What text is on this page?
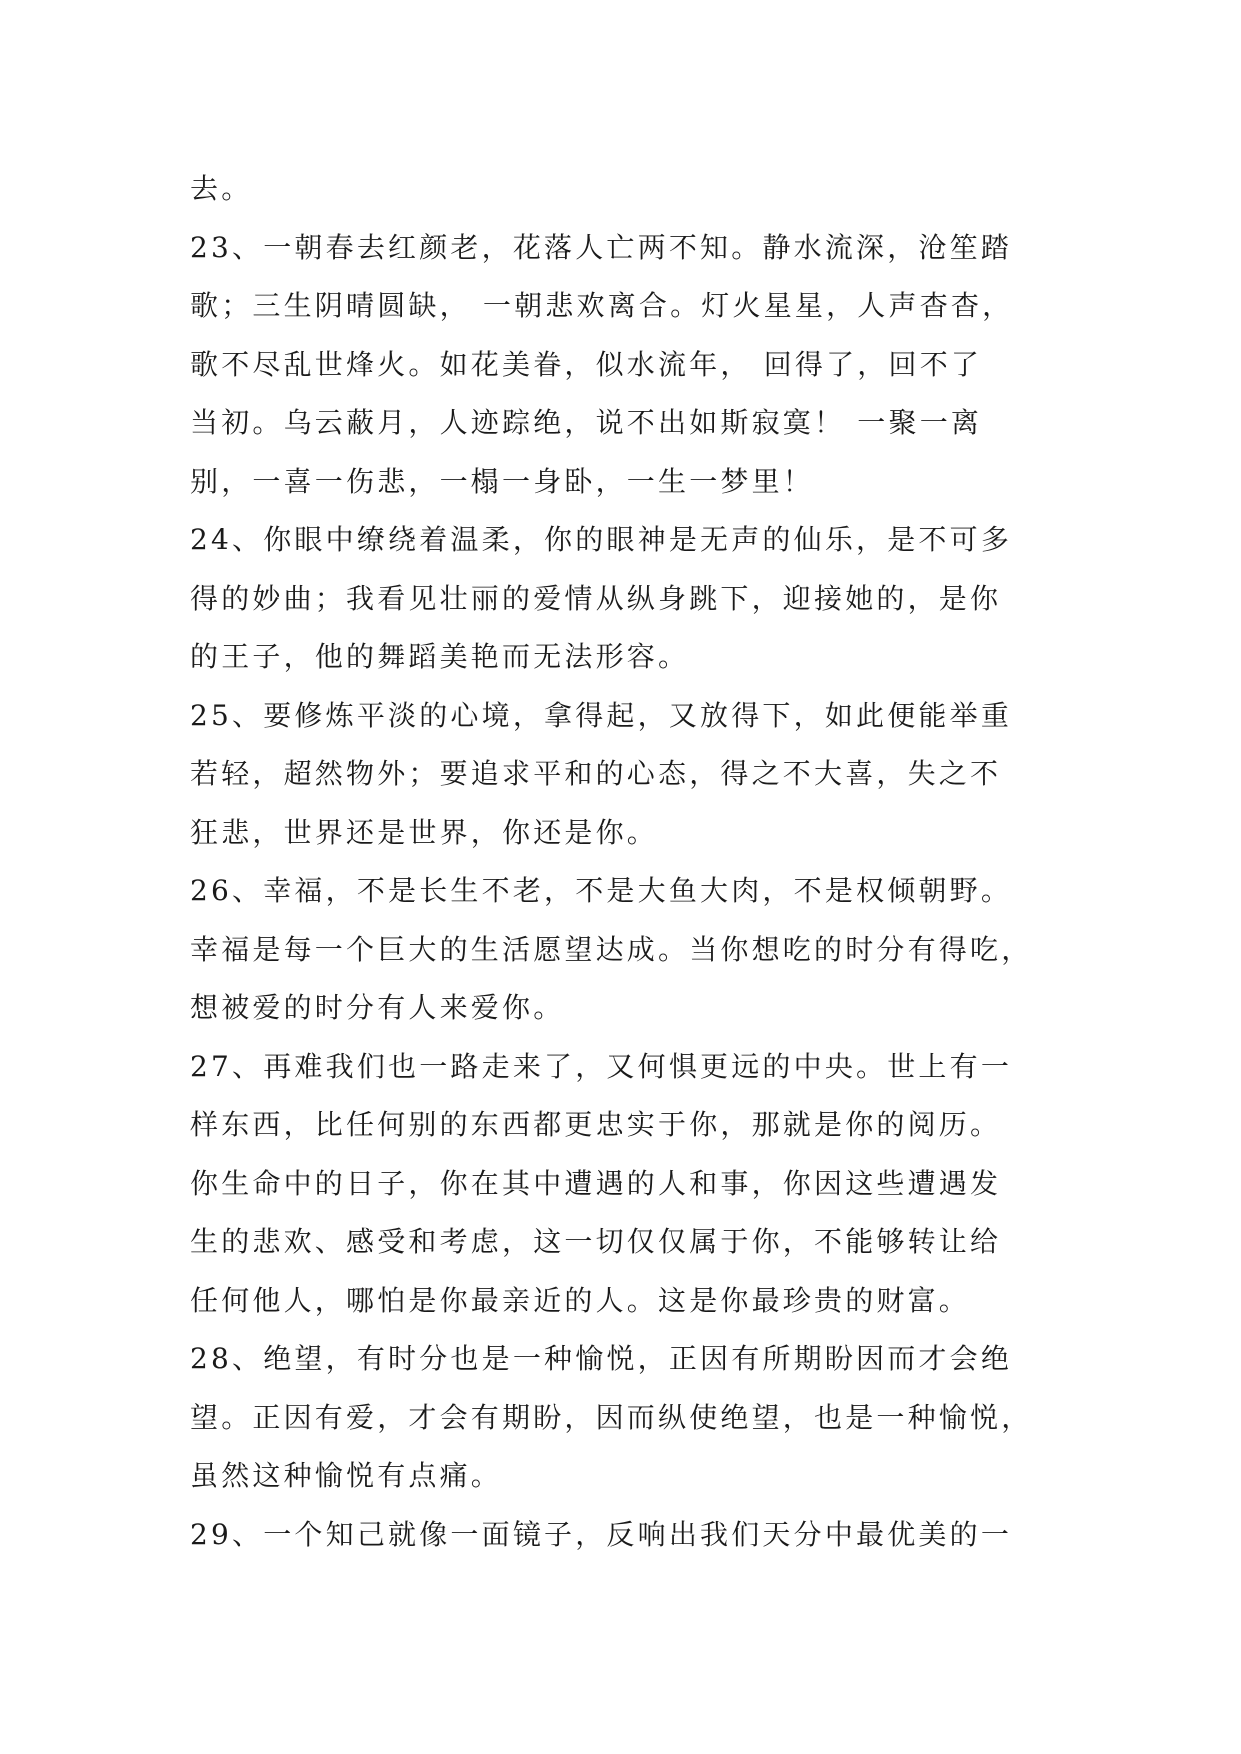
去。
23、一朝春去红颜老，花落人亡两不知。静水流深，沧笙踏
歌；三生阴晴圆缺， 一朝悲欢离合。灯火星星，人声杳杳，
歌不尽乱世烽火。如花美眷，似水流年， 回得了，回不了
当初。乌云蔽月，人迹踪绝，说不出如斯寂寞！ 一聚一离
别，一喜一伤悲，一榻一身卧，一生一梦里！
24、你眼中缭绕着温柔，你的眼神是无声的仙乐，是不可多
得的妙曲；我看见壮丽的爱情从纵身跳下，迎接她的，是你
的王子，他的舞蹈美艳而无法形容。
25、要修炼平淡的心境，拿得起，又放得下，如此便能举重
若轻，超然物外；要追求平和的心态，得之不大喜，失之不
狂悲，世界还是世界，你还是你。
26、幸福，不是长生不老，不是大鱼大肉，不是权倾朝野。
幸福是每一个巨大的生活愿望达成。当你想吃的时分有得吃，
想被爱的时分有人来爱你。
27、再难我们也一路走来了，又何惧更远的中央。世上有一
样东西，比任何别的东西都更忠实于你，那就是你的阅历。
你生命中的日子，你在其中遭遇的人和事，你因这些遭遇发
生的悲欢、感受和考虑，这一切仅仅属于你，不能够转让给
任何他人，哪怕是你最亲近的人。这是你最珍贵的财富。
28、绝望，有时分也是一种愉悦，正因有所期盼因而才会绝
望。正因有爱，才会有期盼，因而纵使绝望，也是一种愉悦，
虽然这种愉悦有点痛。
29、一个知己就像一面镜子，反响出我们天分中最优美的一
